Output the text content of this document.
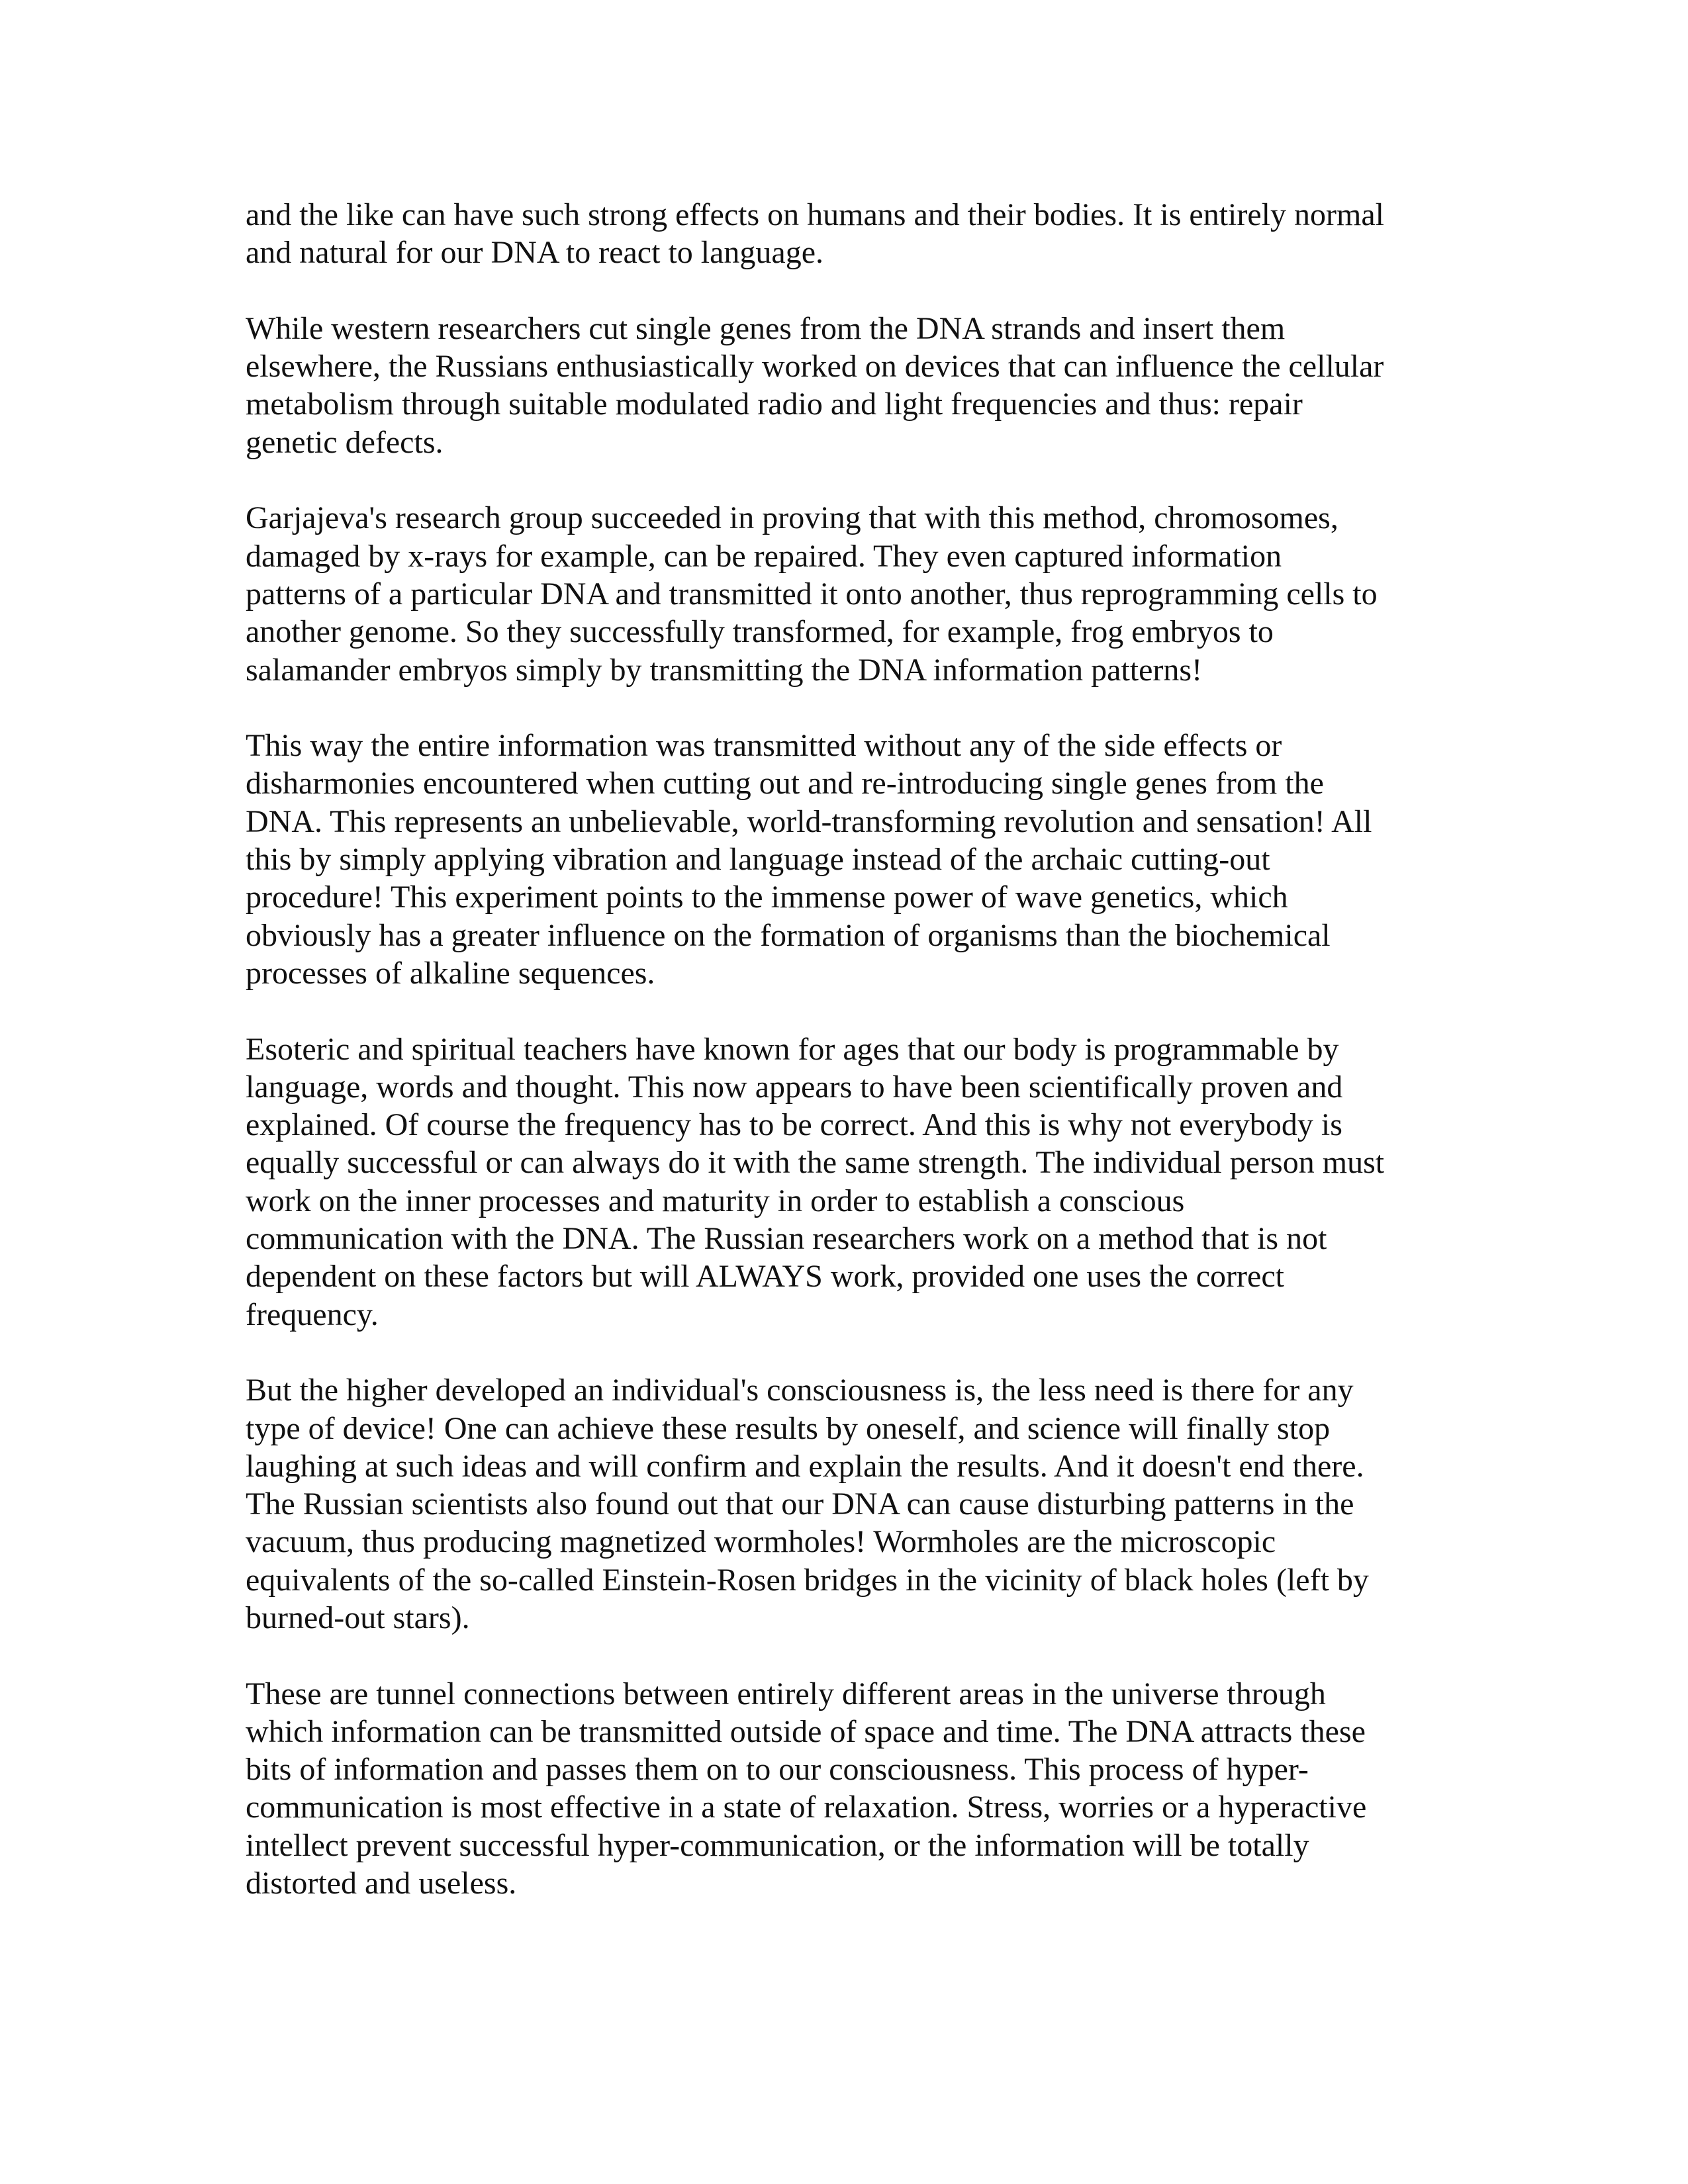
and the like can have such strong effects on humans and their bodies. It is entirely normal
and natural for our DNA to react to language.

While western researchers cut single genes from the DNA strands and insert them
elsewhere, the Russians enthusiastically worked on devices that can influence the cellular
metabolism through suitable modulated radio and light frequencies and thus: repair
genetic defects.

Garjajeva's research group succeeded in proving that with this method, chromosomes,
damaged by x-rays for example, can be repaired. They even captured information
patterns of a particular DNA and transmitted it onto another, thus reprogramming cells to
another genome. So they successfully transformed, for example, frog embryos to
salamander embryos simply by transmitting the DNA information patterns!

This way the entire information was transmitted without any of the side effects or
disharmonies encountered when cutting out and re-introducing single genes from the
DNA. This represents an unbelievable, world-transforming revolution and sensation! All
this by simply applying vibration and language instead of the archaic cutting-out
procedure! This experiment points to the immense power of wave genetics, which
obviously has a greater influence on the formation of organisms than the biochemical
processes of alkaline sequences.

Esoteric and spiritual teachers have known for ages that our body is programmable by
language, words and thought. This now appears to have been scientifically proven and
explained. Of course the frequency has to be correct. And this is why not everybody is
equally successful or can always do it with the same strength. The individual person must
work on the inner processes and maturity in order to establish a conscious
communication with the DNA. The Russian researchers work on a method that is not
dependent on these factors but will ALWAYS work, provided one uses the correct
frequency.

But the higher developed an individual's consciousness is, the less need is there for any
type of device! One can achieve these results by oneself, and science will finally stop
laughing at such ideas and will confirm and explain the results. And it doesn't end there.
The Russian scientists also found out that our DNA can cause disturbing patterns in the
vacuum, thus producing magnetized wormholes! Wormholes are the microscopic
equivalents of the so-called Einstein-Rosen bridges in the vicinity of black holes (left by
burned-out stars).

These are tunnel connections between entirely different areas in the universe through
which information can be transmitted outside of space and time. The DNA attracts these
bits of information and passes them on to our consciousness. This process of hyper-
communication is most effective in a state of relaxation. Stress, worries or a hyperactive
intellect prevent successful hyper-communication, or the information will be totally
distorted and useless.
